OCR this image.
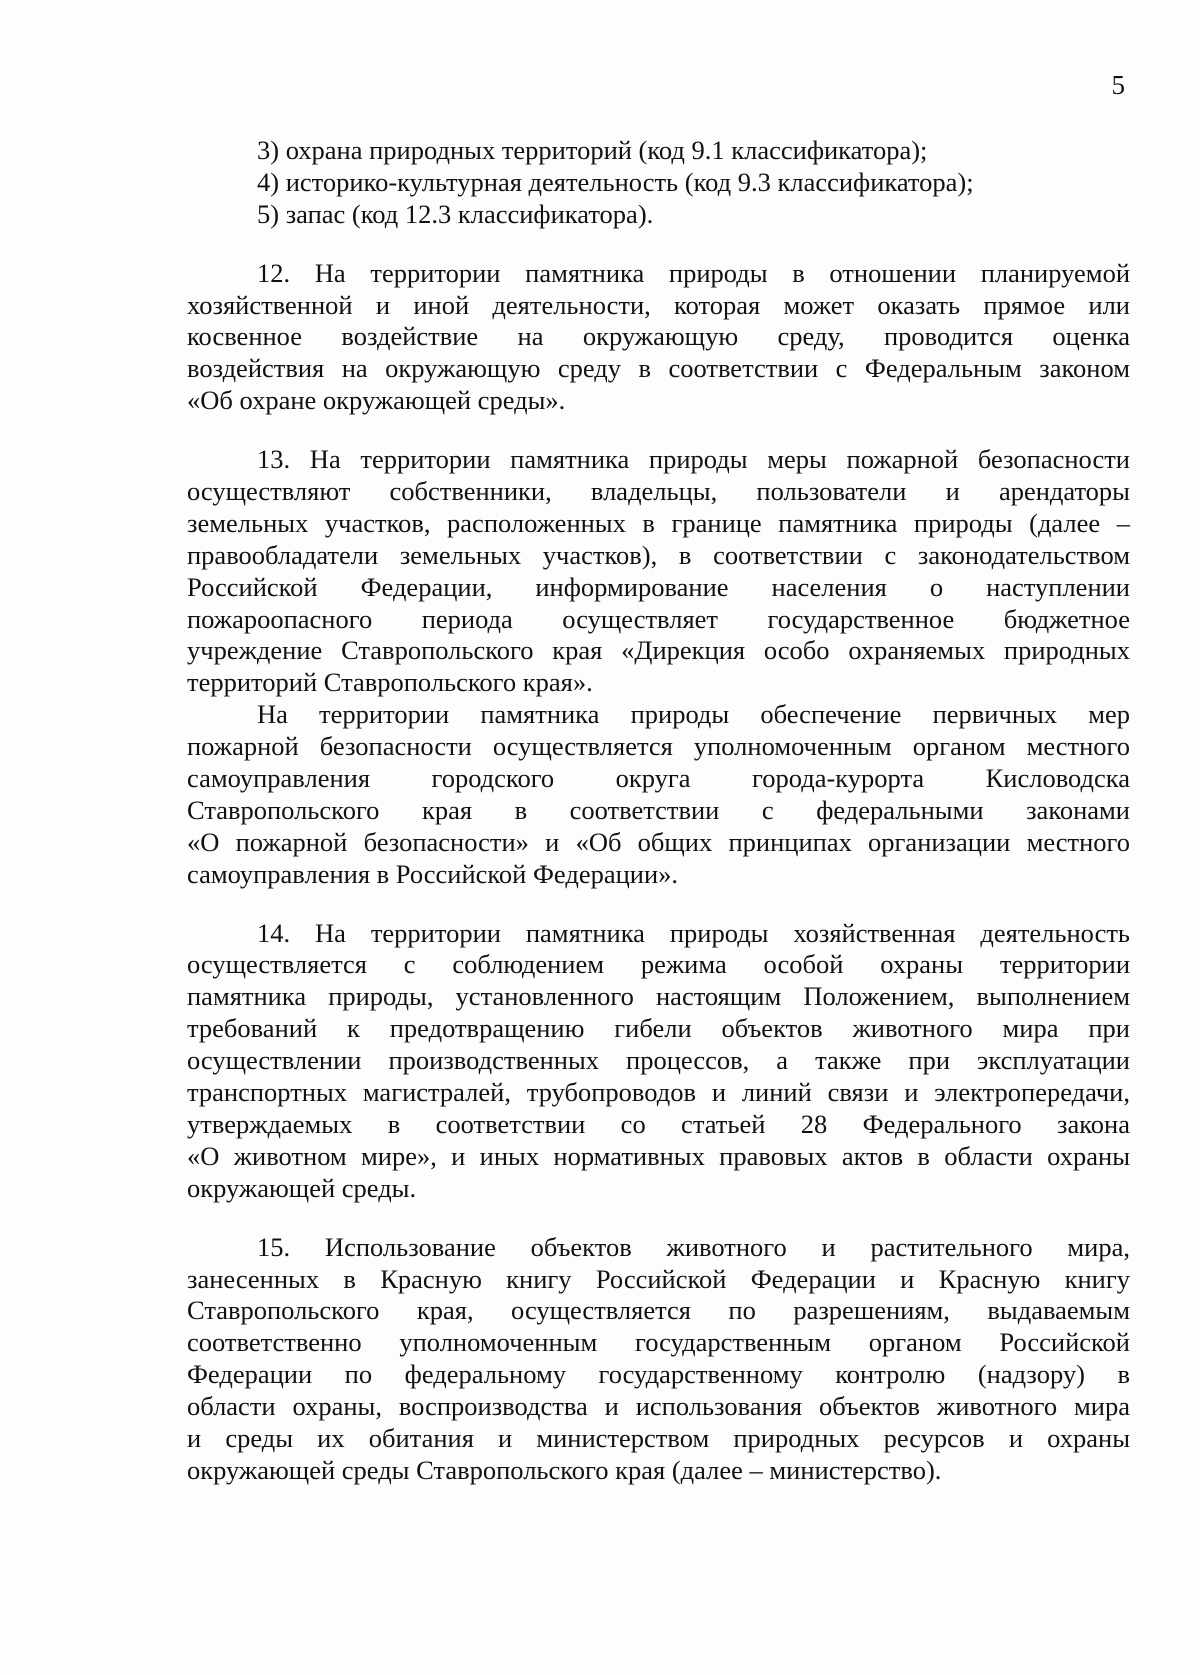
5
3) охрана природных территорий (код 9.1 классификатора);
4) историко-культурная деятельность (код 9.3 классификатора);
5) запас (код 12.3 классификатора).
12. На территории памятника природы в отношении планируемой
хозяйственной и иной деятельности, которая может оказать прямое или
косвенное воздействие на окружающую среду, проводится оценка
воздействия на окружающую среду в соответствии с Федеральным законом
«Об охране окружающей среды».
13. На территории памятника природы меры пожарной безопасности
осуществляют собственники, владельцы, пользователи и арендаторы
земельных участков, расположенных в границе памятника природы (далее –
правообладатели земельных участков), в соответствии с законодательством
Российской Федерации, информирование населения о наступлении
пожароопасного периода осуществляет государственное бюджетное
учреждение Ставропольского края «Дирекция особо охраняемых природных
территорий Ставропольского края».
На территории памятника природы обеспечение первичных мер
пожарной безопасности осуществляется уполномоченным органом местного
самоуправления городского округа города-курорта Кисловодска
Ставропольского края в соответствии с федеральными законами
«О пожарной безопасности» и «Об общих принципах организации местного
самоуправления в Российской Федерации».
14. На территории памятника природы хозяйственная деятельность
осуществляется с соблюдением режима особой охраны территории
памятника природы, установленного настоящим Положением, выполнением
требований к предотвращению гибели объектов животного мира при
осуществлении производственных процессов, а также при эксплуатации
транспортных магистралей, трубопроводов и линий связи и электропередачи,
утверждаемых в соответствии со статьей 28 Федерального закона
«О животном мире», и иных нормативных правовых актов в области охраны
окружающей среды.
15. Использование объектов животного и растительного мира,
занесенных в Красную книгу Российской Федерации и Красную книгу
Ставропольского края, осуществляется по разрешениям, выдаваемым
соответственно уполномоченным государственным органом Российской
Федерации по федеральному государственному контролю (надзору) в
области охраны, воспроизводства и использования объектов животного мира
и среды их обитания и министерством природных ресурсов и охраны
окружающей среды Ставропольского края (далее – министерство).
